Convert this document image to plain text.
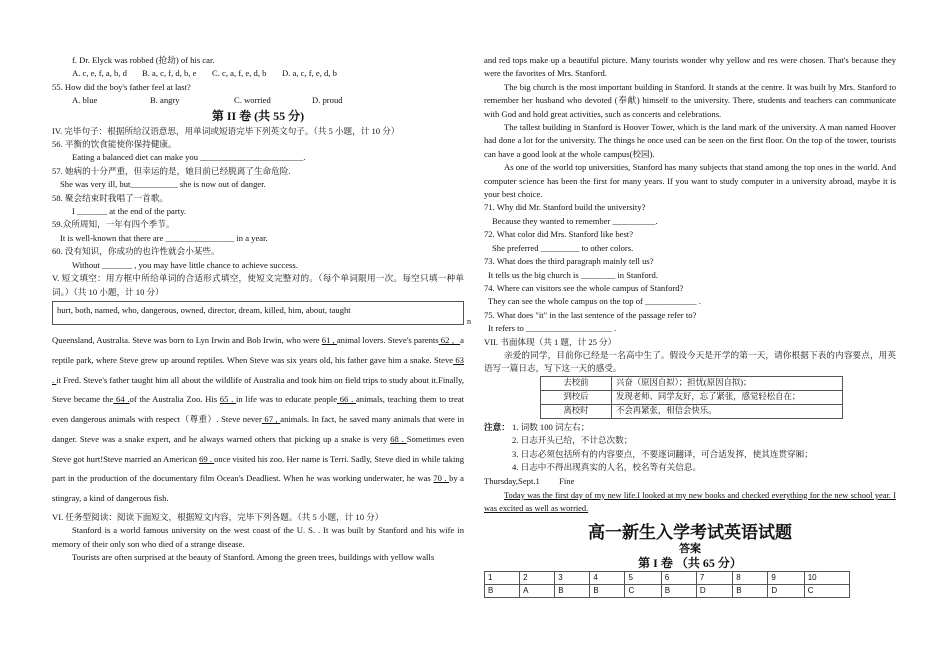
f. Dr. Elyck was robbed (抢劫) of his car.

A. c, e, f, a, b, d	B. a, c, f, d, b, e	C. c, a, f, e, d, b	D. a, c, f, e, d, b

55. How did the boy's father feel at last?

A. blue	B. angry	C. worried	D. proud
第 II 卷 (共 55 分)

IV. 完毕句子：根据所给汉语意思，用单词或短语完毕下列英文句子。（共 5 小题，计 10 分）

56. 平衡的饮食能使你保持健康。

Eating a balanced diet can make you ________________________.

57. 她病的十分严重，但幸运的是，她目前已经脱离了生命危险.

She was very ill, but___________ she is now out of danger.

58. 聚会结束时我唱了一首歌。

I _______ at the end of the party.

59.众所周知，一年有四个季节。

It is well-known that there are ________________ in a year.

60. 没有知识，你成功的也许性就会小某些。

Without _______ , you may have little chance to achieve success.

V. 短文填空：用方框中所给单词的合适形式填空，使短文完整对的。（每个单词限用一次。每空只填一种单词。）（共 10 小题，计 10 分）

hurt, both, named, who, dangerous, owned, director, dream, killed, him, about, taught
n
Queensland, Australia. Steve was born to Lyn Irwin and Bob Irwin, who were 61 , animal lovers. Steve's parents 62 ，a reptile park, where Steve grew up around reptiles. When Steve was six years old, his father gave him a snake. Steve 63 . it Fred. Steve's father taught him all about the wildlife of Australia and took him on field trips to study about it.Finally, Steve became the 64 .of the Australia Zoo. His 65 . in life was to educate people 66 . animals, teaching them to treat even dangerous animals with respect（尊重）. Steve never 67 , animals. In fact, he saved many animals that were in danger. Steve was a snake expert, and he always warned others that picking up a snake is very 68 . Sometimes even Steve got hurt!Steve married an American 69 . once visited his zoo. Her name is Terri. Sadly, Steve died in while taking part in the production of the documentary film Ocean's Deadliest. When he was working underwater, he was 70 . by a stingray, a kind of dangerous fish.

VI. 任务型阅读：阅读下面短文，根据短文内容，完毕下列各题。（共 5 小题，计 10 分）

Stanford is a world famous university on the west coast of the U. S. . It was built by Stanford and his wife in memory of their only son who died of a strange disease.

Tourists are often surprised at the beauty of Stanford. Among the green trees, buildings with yellow walls

and red tops make up a beautiful picture. Many tourists wonder why yellow and res were chosen. That's because they were the favorites of Mrs. Stanford.

The big church is the most important building in Stanford. It stands at the centre. It was built by Mrs. Stanford to remember her husband who devoted (奉献) himself to the university. There, students and teachers can communicate with God and hold great activities, such as concerts and celebrations.

The tallest building in Stanford is Hoover Tower, which is the land mark of the university. A man named Hoover had done a lot for the university. The things he once used can be seen on the first floor. On the top of the tower, tourists can have a good look at the whole campus(校园).

As one of the world top universities, Stanford has many subjects that stand among the top ones in the world. And computer science has been the first for many years. If you want to study computer in a university abroad, maybe it is your best choice.

71. Why did Mr. Stanford build the university?

Because they wanted to remember __________.

72. What color did Mrs. Stanford like best?

She preferred _________ to other colors.

73. What does the third paragraph mainly tell us?

It tells us the big church is ________ in Stanford.

74. Where can visitors see the whole campus of Stanford?

They can see the whole campus on the top of ____________ .

75. What does "it" in the last sentence of the passage refer to?

It refers to ____________________ .

VII. 书面体现（共 1 题，计 25 分）

亲爱的同学，目前你已经是一名高中生了。假设今天是开学的第一天，请你根据下表的内容要点，用英语写一篇日志，写下这一天的感受。

去校前	兴奋（原因自拟）；担忧(原因自拟)；
到校后	发现老师、同学友好，忘了紧张，感觉轻松自在；
离校时	不会再紧张，相信会快乐。
注意： 1. 词数 100 词左右；
2. 日志开头已给，不计总次数；
3. 日志必须包括所有的内容要点，不要逐词翻译，可合适发挥，使其连贯穿厢；
4. 日志中不得出现真实的人名，校名等有关信息。

Thursday,Sept.1 Fine

Today was the first day of my new life.I looked at my new books and checked everything for the new school year. I was excited as well as worried.

高一新生入学考试英语试题
答案
第 I 卷 （共 65 分）
1	2	3	4	5	6	7	8	9	10
B	A	B	B	C	B	D	B	D	C
